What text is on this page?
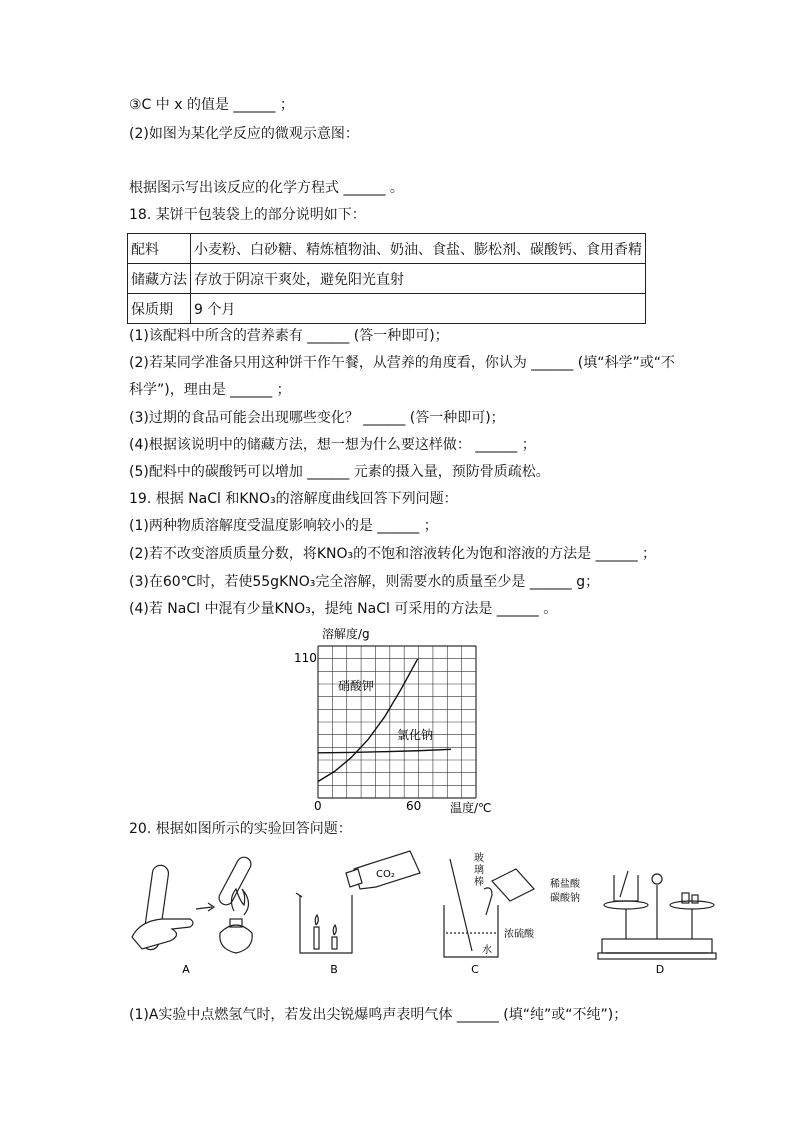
③C 中 x 的值是 ______ ；
(2)如图为某化学反应的微观示意图：
根据图示写出该反应的化学方程式 ______ 。
18. 某饼干包装袋上的部分说明如下：
配料	小麦粉、白砂糖、精炼植物油、奶油、食盐、膨松剂、碳酸钙、食用香精
储藏方法	存放于阴凉干爽处，避免阳光直射
保质期	9 个月
(1)该配料中所含的营养素有 ______ (答一种即可)；
(2)若某同学准备只用这种饼干作午餐，从营养的角度看，你认为 ______ (填“科学”或“不
科学”)，理由是 ______ ；
(3)过期的食品可能会出现哪些变化？ ______ (答一种即可)；
(4)根据该说明中的储藏方法，想一想为什么要这样做： ______ ；
(5)配料中的碳酸钙可以增加 ______ 元素的摄入量，预防骨质疏松。
19. 根据 NaCl 和KNO₃的溶解度曲线回答下列问题：
(1)两种物质溶解度受温度影响较小的是 ______ ；
(2)若不改变溶质质量分数，将KNO₃的不饱和溶液转化为饱和溶液的方法是 ______ ；
(3)在60℃时，若使55gKNO₃完全溶解，则需要水的质量至少是 ______ g；
(4)若 NaCl 中混有少量KNO₃，提纯 NaCl 可采用的方法是 ______ 。
溶解度/g
110
0	60 温度/℃
硝酸钾
氯化钠
20. 根据如图所示的实验回答问题：
A
CO₂
B
玻 璃 棒
浓硫酸
水
C
稀盐酸
碳酸钠
D
(1)A实验中点燃氢气时，若发出尖锐爆鸣声表明气体 ______ (填“纯”或“不纯”)；
